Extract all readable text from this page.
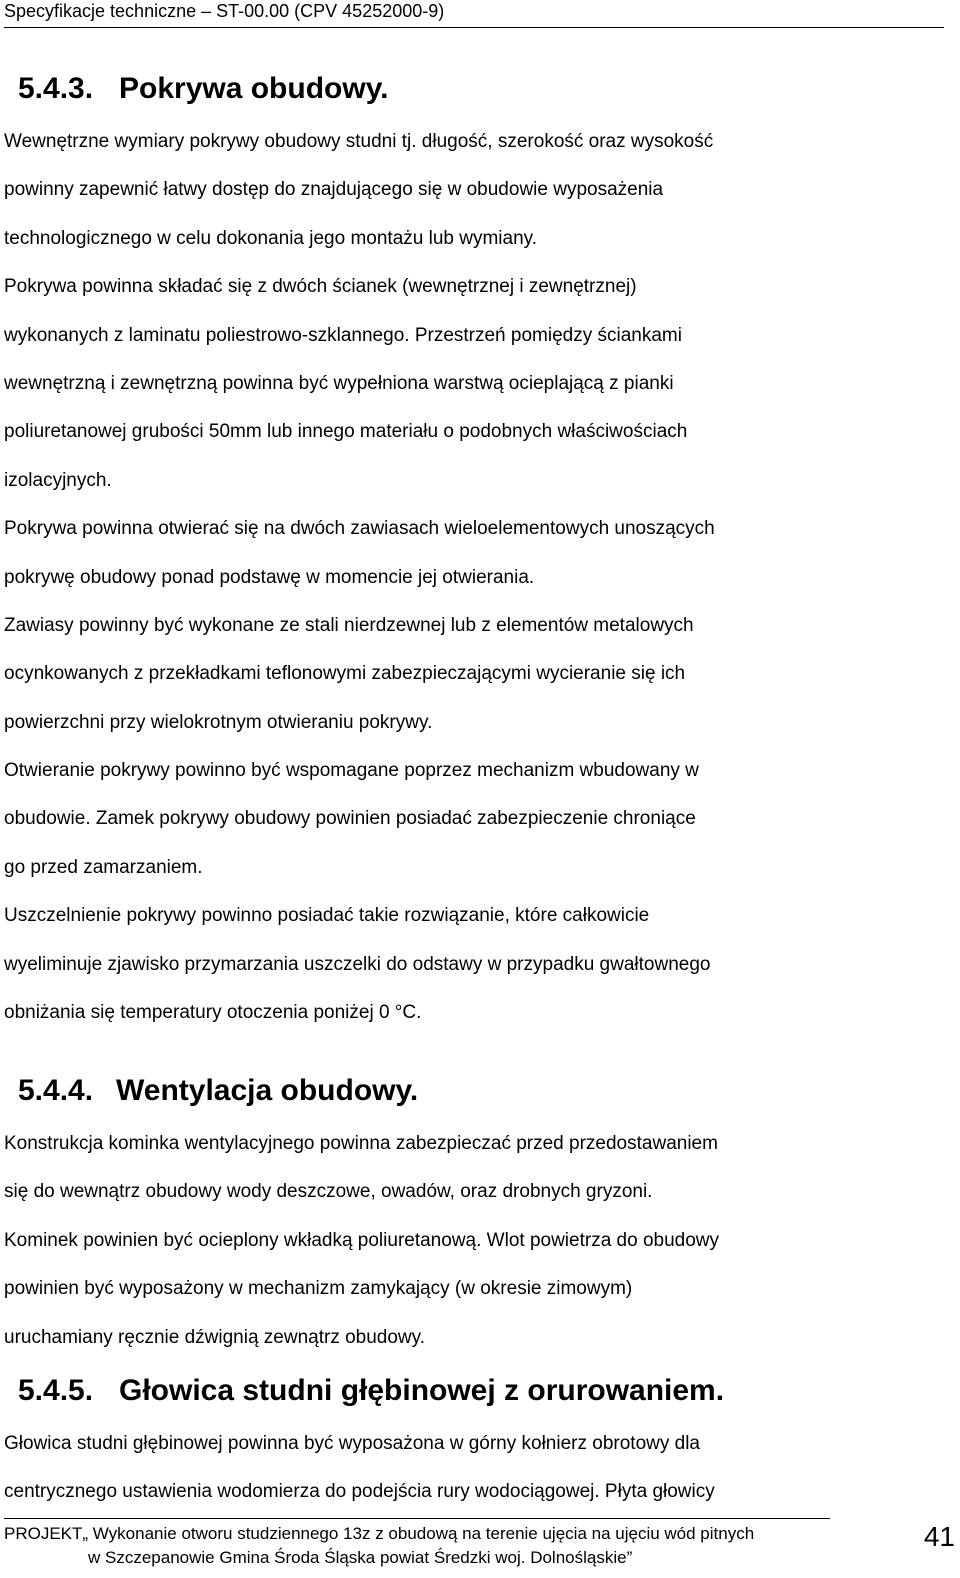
Specyfikacje techniczne – ST-00.00 (CPV 45252000-9)
5.4.3. Pokrywa obudowy.
Wewnętrzne wymiary pokrywy obudowy studni tj. długość, szerokość oraz wysokość
powinny zapewnić łatwy dostęp do znajdującego się w obudowie wyposażenia
technologicznego w celu dokonania jego montażu lub wymiany.
Pokrywa powinna składać się z dwóch ścianek (wewnętrznej i zewnętrznej)
wykonanych z laminatu poliestrowo-szklannego. Przestrzeń pomiędzy ściankami
wewnętrzną i zewnętrzną powinna być wypełniona warstwą ocieplającą z pianki
poliuretanowej grubości 50mm lub innego materiału o podobnych właściwościach
izolacyjnych.
Pokrywa powinna otwierać się na dwóch zawiasach wieloelementowych unoszących
pokrywę obudowy ponad podstawę w momencie jej otwierania.
Zawiasy powinny być wykonane ze stali nierdzewnej lub z elementów metalowych
ocynkowanych z przekładkami teflonowymi zabezpieczającymi wycieranie się ich
powierzchni przy wielokrotnym otwieraniu pokrywy.
Otwieranie pokrywy powinno być wspomagane poprzez mechanizm wbudowany w
obudowie. Zamek pokrywy obudowy powinien posiadać zabezpieczenie chroniące
go przed zamarzaniem.
Uszczelnienie pokrywy powinno posiadać takie rozwiązanie, które całkowicie
wyeliminuje zjawisko przymarzania uszczelki do odstawy w przypadku gwałtownego
obniżania się temperatury otoczenia poniżej 0 °C.
5.4.4. Wentylacja obudowy.
Konstrukcja kominka wentylacyjnego powinna zabezpieczać przed przedostawaniem
się do wewnątrz obudowy wody deszczowe, owadów, oraz drobnych gryzoni.
Kominek powinien być ocieplony wkładką poliuretanową. Wlot powietrza do obudowy
powinien być wyposażony w mechanizm zamykający (w okresie zimowym)
uruchamiany ręcznie dźwignią zewnątrz obudowy.
5.4.5. Głowica studni głębinowej z orurowaniem.
Głowica studni głębinowej powinna być wyposażona w górny kołnierz obrotowy dla
centrycznego ustawienia wodomierza do podejścia rury wodociągowej. Płyta głowicy
PROJEKT„ Wykonanie otworu studziennego 13z z obudową na terenie ujęcia na ujęciu wód pitnych
w Szczepanowie Gmina Środa Śląska powiat Średzki woj. Dolnośląskie”
41
